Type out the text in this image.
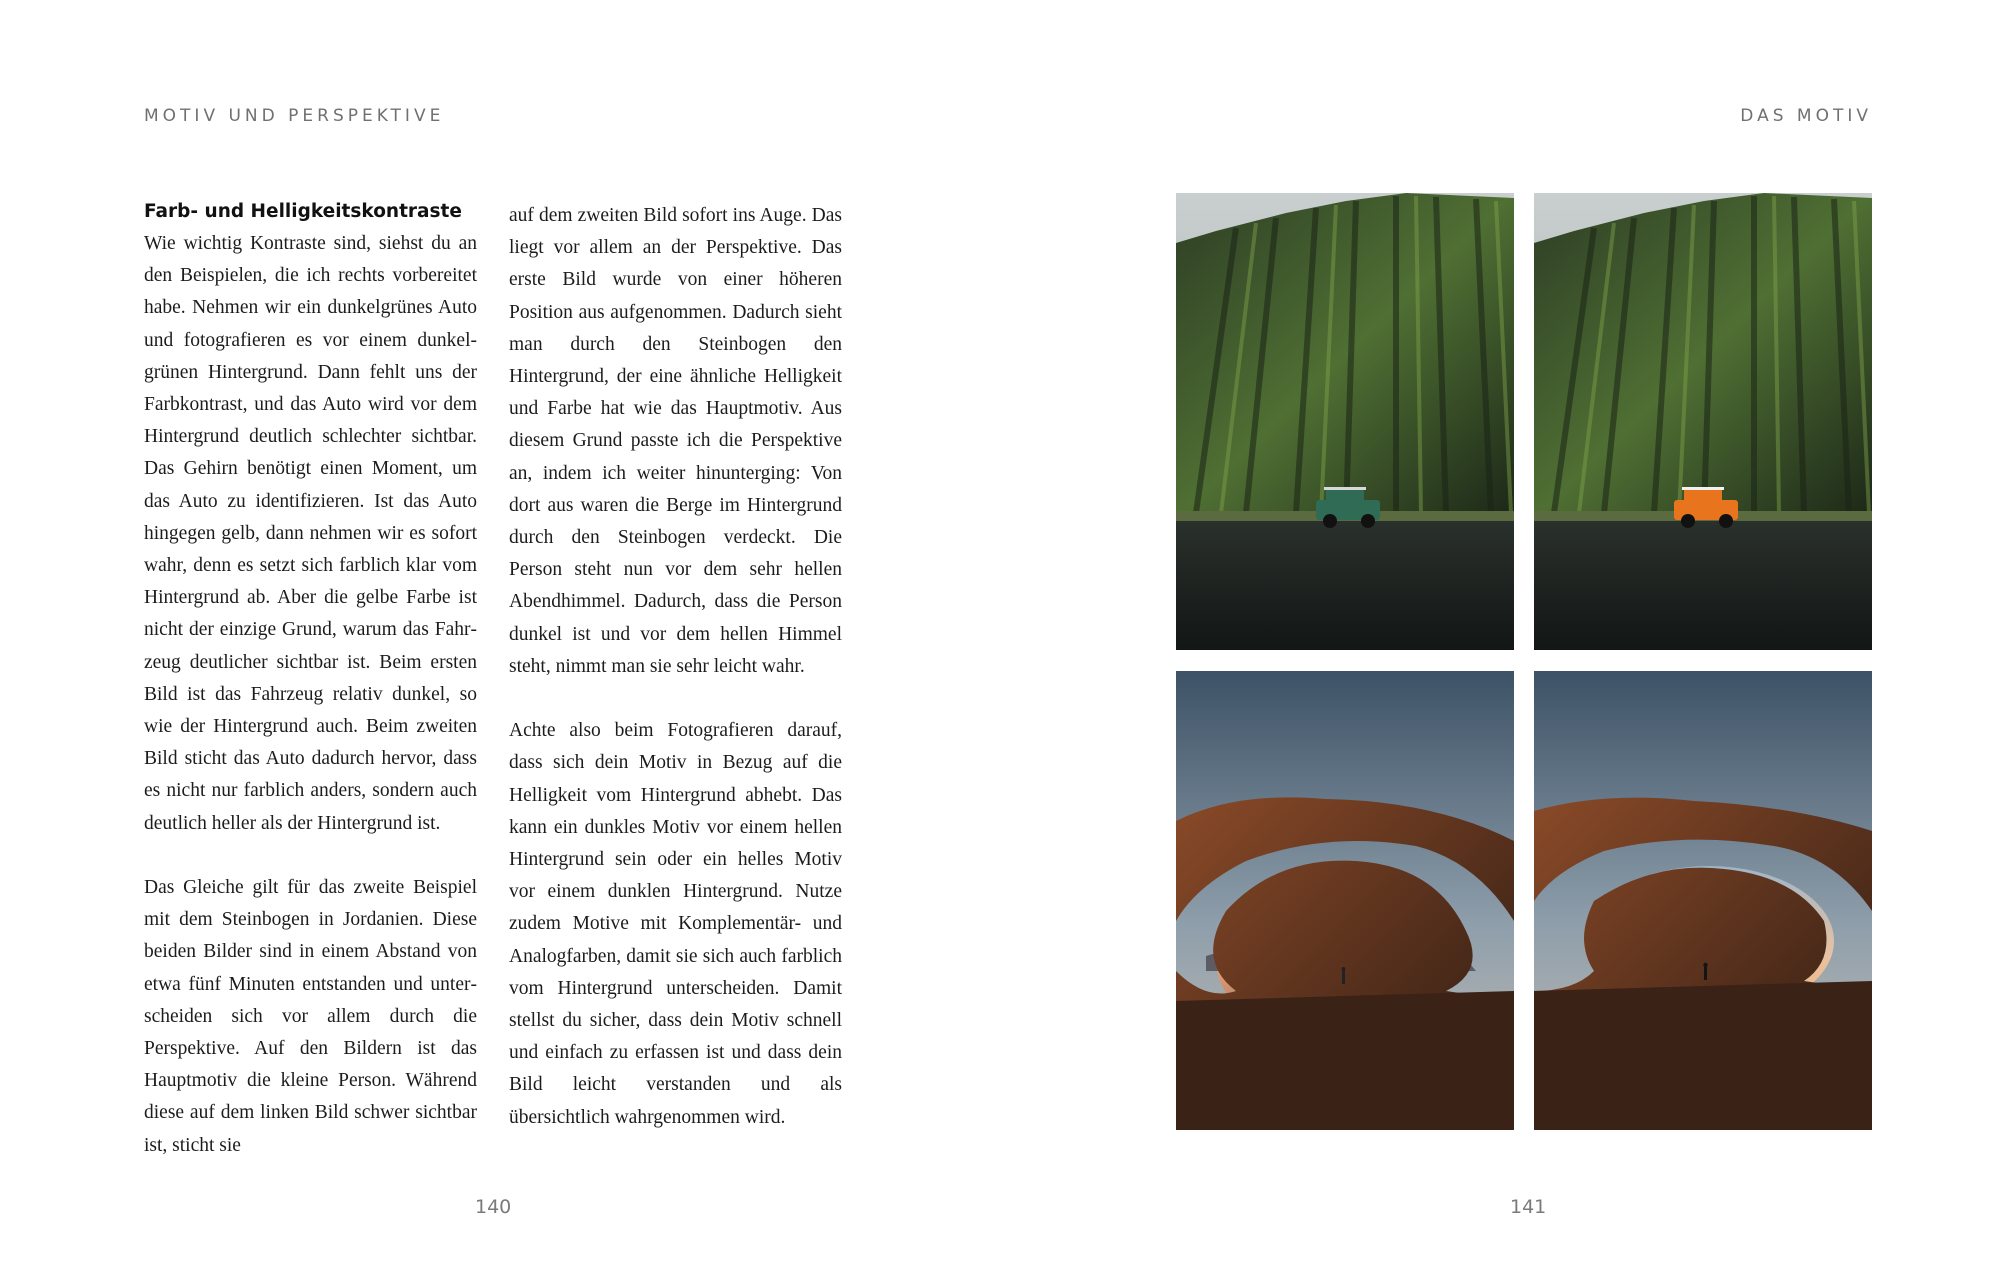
MOTIV UND PERSPEKTIVE	DAS MOTIV
Farb- und Helligkeitskontraste

Wie wichtig Kontraste sind, siehst du an den Beispielen, die ich rechts vorbereitet habe. Nehmen wir ein dunkelgrünes Auto und fotografieren es vor einem dunkelgrünen Hintergrund. Dann fehlt uns der Farbkontrast, und das Auto wird vor dem Hintergrund deutlich schlechter sichtbar. Das Gehirn benötigt einen Moment, um das Auto zu identifizieren. Ist das Auto hingegen gelb, dann nehmen wir es sofort wahr, denn es setzt sich farblich klar vom Hintergrund ab. Aber die gelbe Farbe ist nicht der einzige Grund, warum das Fahrzeug deutlicher sichtbar ist. Beim ersten Bild ist das Fahrzeug relativ dunkel, so wie der Hintergrund auch. Beim zweiten Bild sticht das Auto dadurch hervor, dass es nicht nur farblich anders, sondern auch deutlich heller als der Hintergrund ist.

Das Gleiche gilt für das zweite Beispiel mit dem Steinbogen in Jordanien. Diese beiden Bilder sind in einem Abstand von etwa fünf Minuten entstanden und unterscheiden sich vor allem durch die Perspektive. Auf den Bildern ist das Hauptmotiv die kleine Person. Während diese auf dem linken Bild schwer sichtbar ist, sticht sie

auf dem zweiten Bild sofort ins Auge. Das liegt vor allem an der Perspektive. Das erste Bild wurde von einer höheren Position aus aufgenommen. Dadurch sieht man durch den Steinbogen den Hintergrund, der eine ähnliche Helligkeit und Farbe hat wie das Hauptmotiv. Aus diesem Grund passte ich die Perspektive an, indem ich weiter hinunterging: Von dort aus waren die Berge im Hintergrund durch den Steinbogen verdeckt. Die Person steht nun vor dem sehr hellen Abendhimmel. Dadurch, dass die Person dunkel ist und vor dem hellen Himmel steht, nimmt man sie sehr leicht wahr.

Achte also beim Fotografieren darauf, dass sich dein Motiv in Bezug auf die Helligkeit vom Hintergrund abhebt. Das kann ein dunkles Motiv vor einem hellen Hintergrund sein oder ein helles Motiv vor einem dunklen Hintergrund. Nutze zudem Motive mit Komplementär- und Analogfarben, damit sie sich auch farblich vom Hintergrund unterscheiden. Damit stellst du sicher, dass dein Motiv schnell und einfach zu erfassen ist und dass dein Bild leicht verstanden und als übersichtlich wahrgenommen wird.

140	141
